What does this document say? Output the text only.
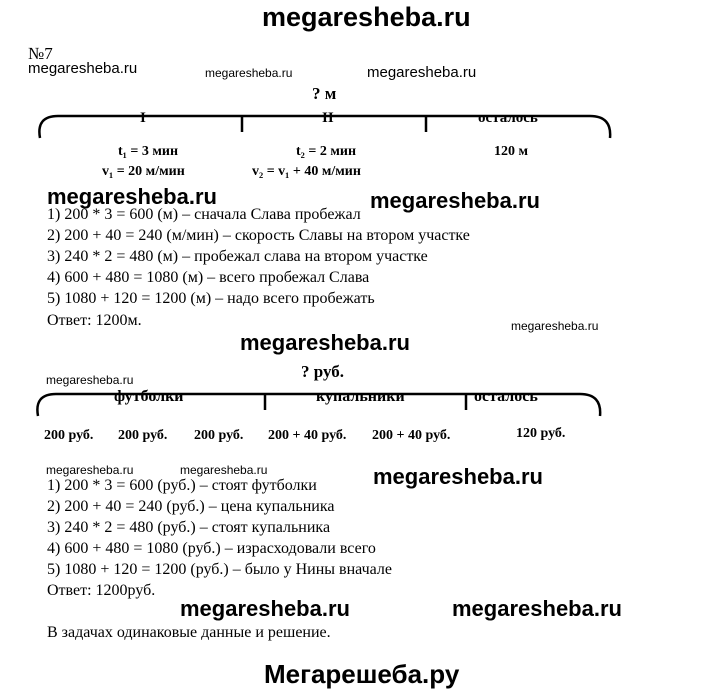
megaresheba.ru
№7
megaresheba.ru	megaresheba.ru	megaresheba.ru
? м
I	II	осталось
t₁ = 3 мин
v₁ = 20 м/мин
t₂ = 2 мин
v₂ = v₁ + 40 м/мин
120 м
megaresheba.ru	megaresheba.ru
1) 200 * 3 = 600 (м) – сначала Слава пробежал
2) 200 + 40 = 240 (м/мин) – скорость Славы на втором участке
3) 240 * 2 = 480 (м) – пробежал слава на втором участке
4) 600 + 480 = 1080 (м) – всего пробежал Слава
5) 1080 + 120 = 1200 (м) – надо всего пробежать
Ответ: 1200м.	megaresheba.ru
megaresheba.ru
megaresheba.ru	? руб.
футболки	купальники	осталось
200 руб. 200 руб. 200 руб. 200 + 40 руб. 200 + 40 руб.	120 руб.
megaresheba.ru	megaresheba.ru	megaresheba.ru
1) 200 * 3 = 600 (руб.) – стоят футболки
2) 200 + 40 = 240 (руб.) – цена купальника
3) 240 * 2 = 480 (руб.) – стоят купальника
4) 600 + 480 = 1080 (руб.) – израсходовали всего
5) 1080 + 120 = 1200 (руб.) – было у Нины вначале
Ответ: 1200руб.
megaresheba.ru	megaresheba.ru
В задачах одинаковые данные и решение.
Мегарешеба.ру
